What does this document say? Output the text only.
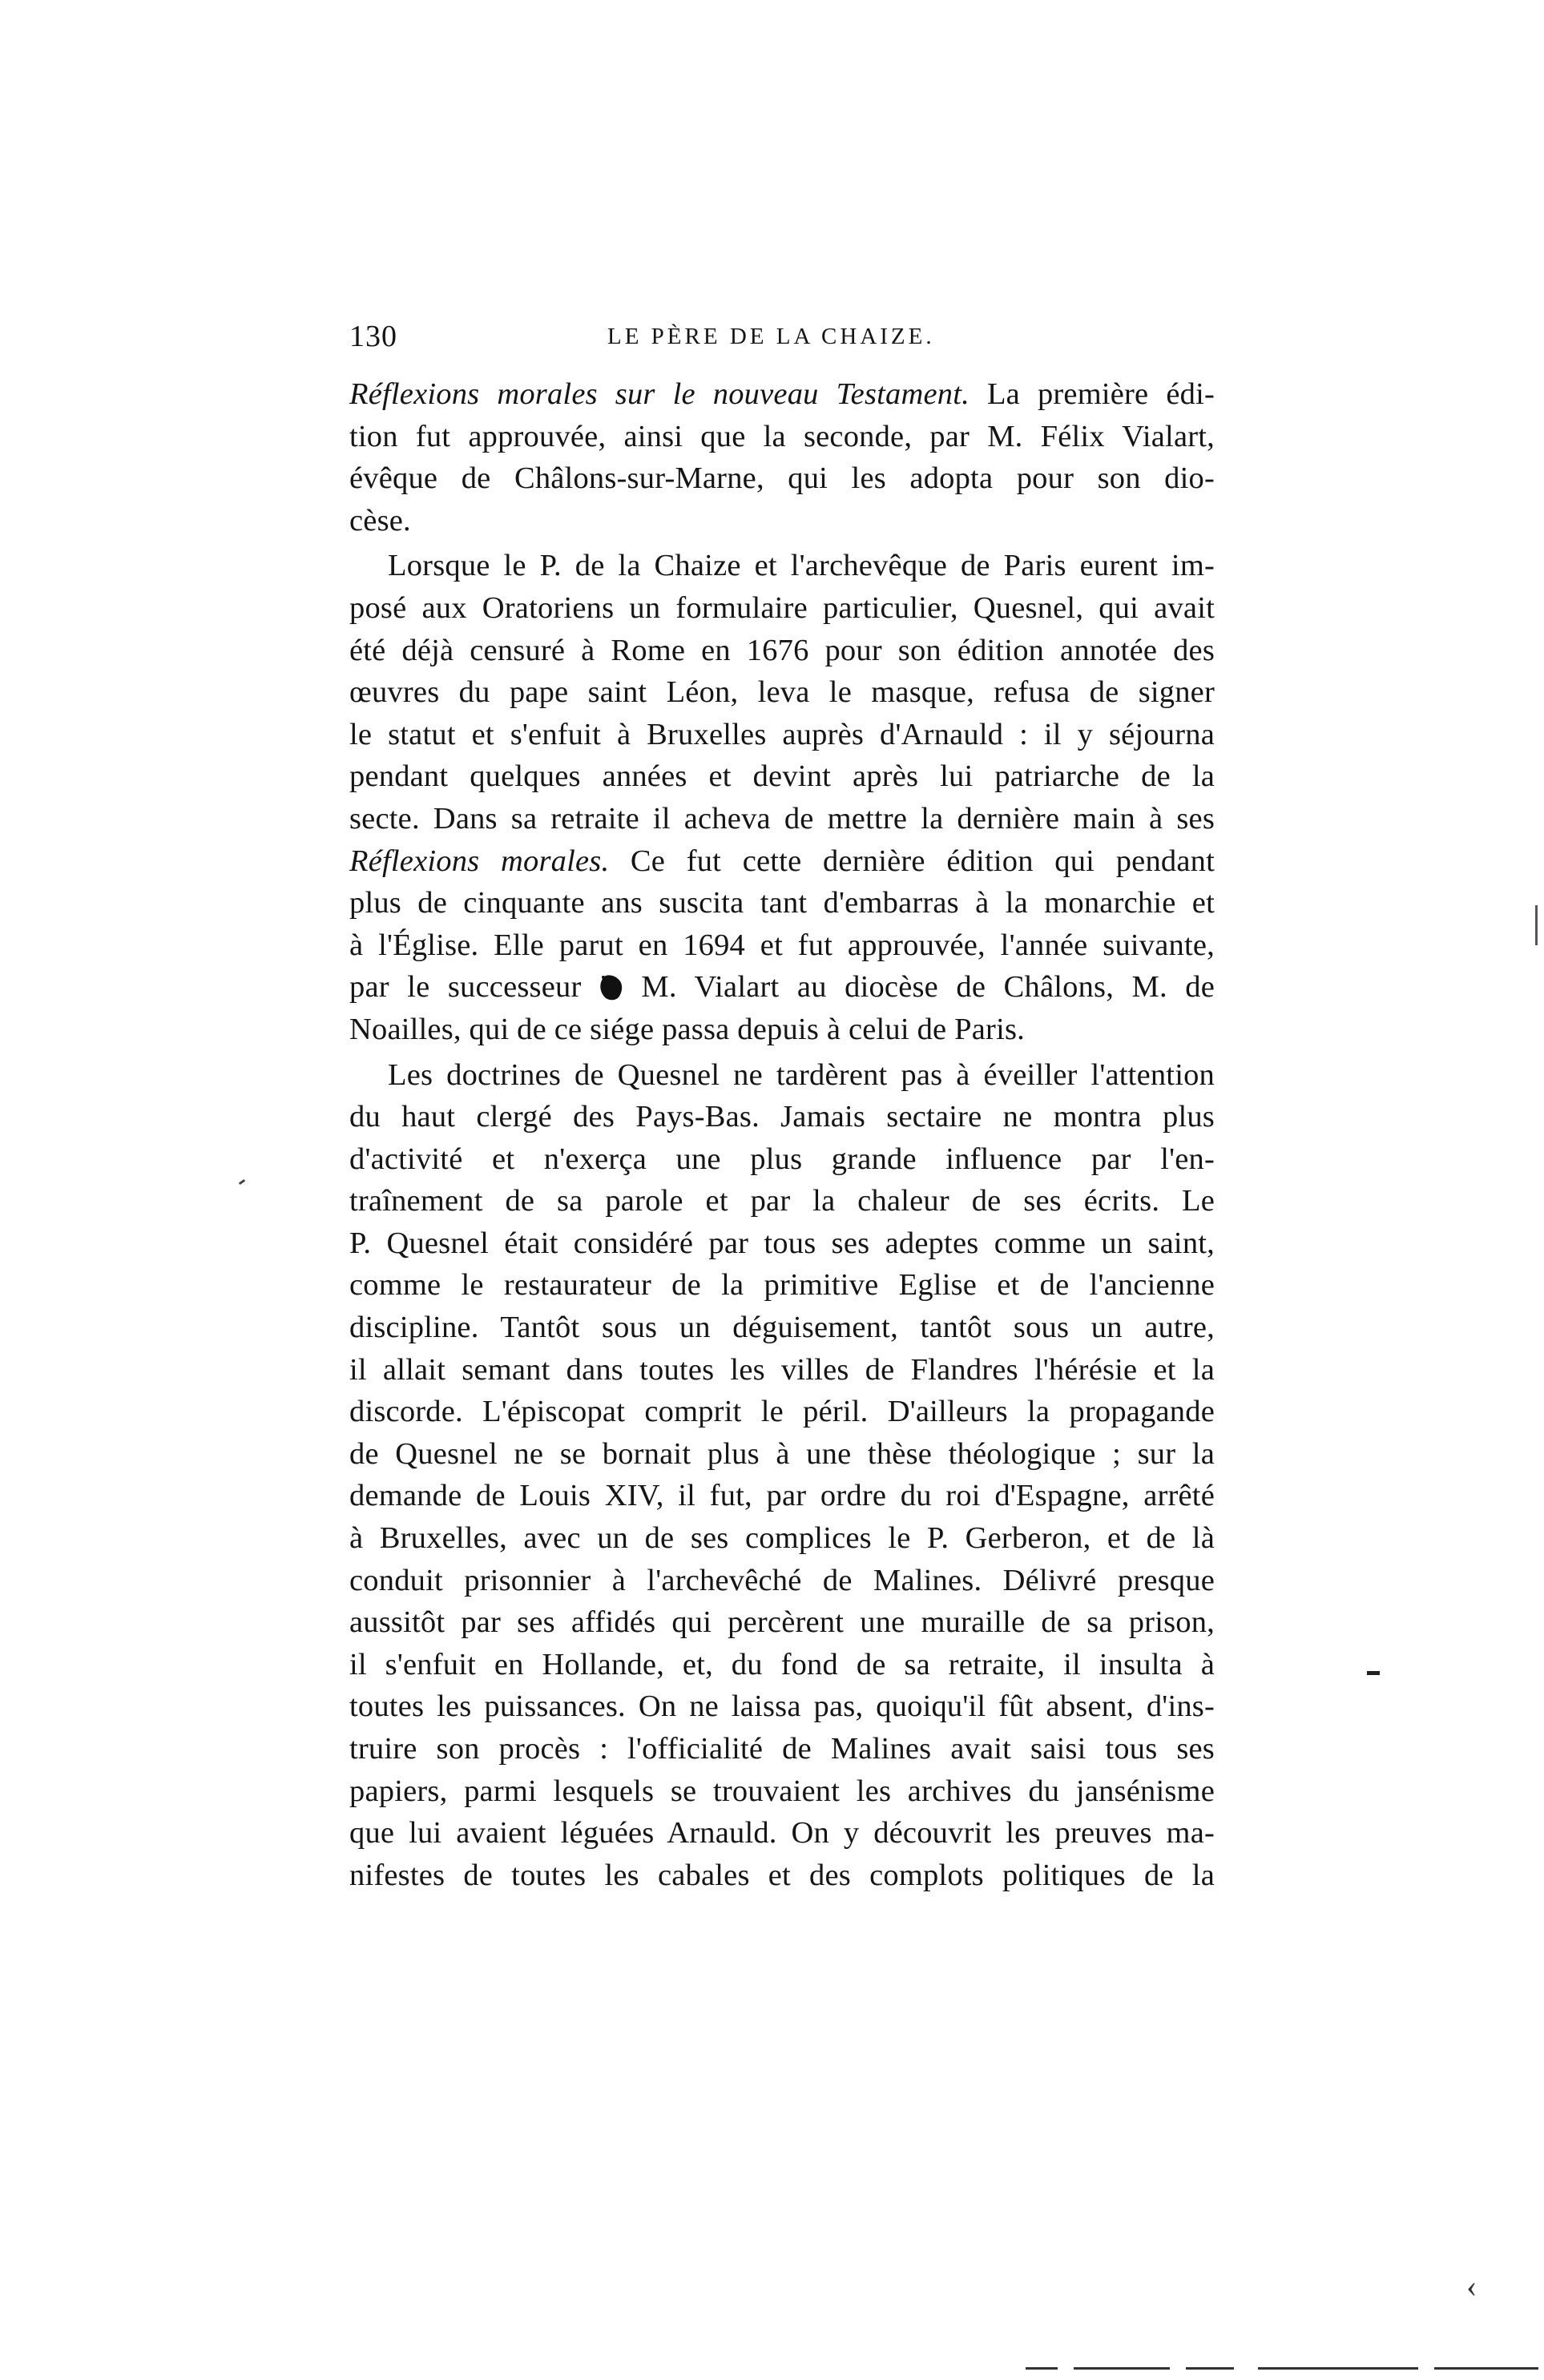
130	LE PÈRE DE LA CHAIZE.
Réflexions morales sur le nouveau Testament. La première édi-
tion fut approuvée, ainsi que la seconde, par M. Félix Vialart,
évêque de Châlons-sur-Marne, qui les adopta pour son dio-
cèse.
Lorsque le P. de la Chaize et l'archevêque de Paris eurent im-
posé aux Oratoriens un formulaire particulier, Quesnel, qui avait
été déjà censuré à Rome en 1676 pour son édition annotée des
œuvres du pape saint Léon, leva le masque, refusa de signer
le statut et s'enfuit à Bruxelles auprès d'Arnauld : il y séjourna
pendant quelques années et devint après lui patriarche de la
secte. Dans sa retraite il acheva de mettre la dernière main à ses
Réflexions morales. Ce fut cette dernière édition qui pendant
plus de cinquante ans suscita tant d'embarras à la monarchie et
à l'Église. Elle parut en 1694 et fut approuvée, l'année suivante,
par le successeur  M. Vialart au diocèse de Châlons, M. de
Noailles, qui de ce siége passa depuis à celui de Paris.
Les doctrines de Quesnel ne tardèrent pas à éveiller l'attention
du haut clergé des Pays-Bas. Jamais sectaire ne montra plus
d'activité et n'exerça une plus grande influence par l'en-
traînement de sa parole et par la chaleur de ses écrits. Le
P. Quesnel était considéré par tous ses adeptes comme un saint,
comme le restaurateur de la primitive Eglise et de l'ancienne
discipline. Tantôt sous un déguisement, tantôt sous un autre,
il allait semant dans toutes les villes de Flandres l'hérésie et la
discorde. L'épiscopat comprit le péril. D'ailleurs la propagande
de Quesnel ne se bornait plus à une thèse théologique ; sur la
demande de Louis XIV, il fut, par ordre du roi d'Espagne, arrêté
à Bruxelles, avec un de ses complices le P. Gerberon, et de là
conduit prisonnier à l'archevêché de Malines. Délivré presque
aussitôt par ses affidés qui percèrent une muraille de sa prison,
il s'enfuit en Hollande, et, du fond de sa retraite, il insulta à
toutes les puissances. On ne laissa pas, quoiqu'il fût absent, d'ins-
truire son procès : l'officialité de Malines avait saisi tous ses
papiers, parmi lesquels se trouvaient les archives du jansénisme
que lui avaient léguées Arnauld. On y découvrit les preuves ma-
nifestes de toutes les cabales et des complots politiques de la
‹
